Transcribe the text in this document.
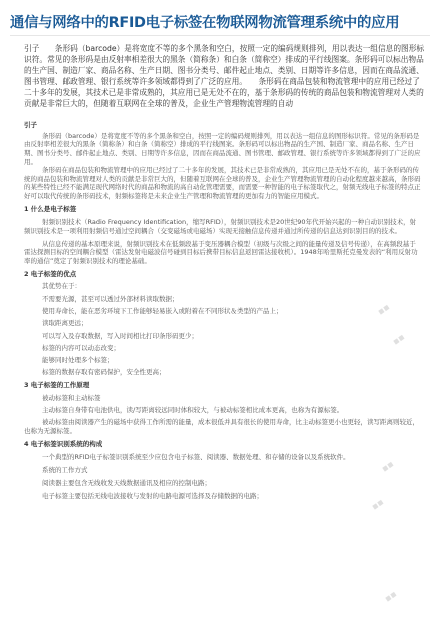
通信与网络中的RFID电子标签在物联网物流管理系统中的应用
引子　　条形码（barcode）是将宽度不等的多个黑条和空白，按照一定的编码规则排列，用以表达一组信息的图形标识符。常见的条形码是由反射率相差很大的黑条（简称条）和白条（简称空）排成的平行线图案。条形码可以标出物品的生产国、制造厂家、商品名称、生产日期、图书分类号、邮件起止地点、类别、日期等许多信息，因而在商品流通、图书管理、邮政管理、银行系统等许多领域都得到了广泛的应用。　　条形码在商品包装和物流管理中的应用已经过了二十多年的发展，其技术已是非常成熟的，其应用已是无处不在的，基于条形码的传统的商品包装和物流管理对人类的贡献是非常巨大的，但随着互联网在全球的普及，企业生产管理物流管理的自动

引子

条形码（barcode）是将宽度不等的多个黑条和空白，按照一定的编码规则排列，用以表达一组信息的图形标识符。常见的条形码是由反射率相差很大的黑条（简称条）和白条（简称空）排成的平行线图案。条形码可以标出物品的生产国、制造厂家、商品名称、生产日期、图书分类号、邮件起止地点、类别、日期等许多信息，因而在商品流通、图书管理、邮政管理、银行系统等许多领域都得到了广泛的应用。

条形码在商品包装和物流管理中的应用已经过了二十多年的发展，其技术已是非常成熟的，其应用已是无处不在的，基于条形码的传统的商品包装和物流管理对人类的贡献是非常巨大的，但随着互联网在全球的普及，企业生产管理物流管理的自动化程度越来越高，条形码的某些特性已经不能满足现代网络时代的商品和物流的高自动化管理需要，而需要一种智能的电子标签取代之，射频无线电子标签的特点正好可以取代传统的条形码技术，射频标签将是未来企业生产管理和物流管理的更加有力的智能应用模式。

1 什么是电子标签

射频识别技术（Radio Frequency Identification，缩写RFID），射频识别技术是20世纪90年代开始兴起的一种自动识别技术，射频识别技术是一项利用射频信号通过空间耦合（交变磁场或电磁场）实现无接触信息传递并通过所传递的信息达到识别目的的技术。

从信息传递的基本原理来说，射频识别技术在低频段基于变压器耦合模型（初级与次级之间的能量传递及信号传递），在高频段基于雷达探测目标的空间耦合模型（雷达发射电磁波信号碰到目标后携带目标信息返回雷达接收机）。1948年哈里斯托克曼发表的“利用反射功率的通信”奠定了射频识别技术的理论基础。

2 电子标签的优点

其优势在于：

不需要光源，甚至可以透过外部材料读取数据；

使用寿命长，能在恶劣环境下工作能够轻易嵌入或附着在不同形状＆类型的产品上；

读取距离更远；

可以写入及存取数据，写入时间相比打印条形码更少；

标签的内容可以动态改变；

能够同时处理多个标签；

标签的数据存取有密码保护，安全性更高；

3 电子标签的工作原理

被动标签和主动标签

主动标签自身带有电池供电，读/写距离较远同时体积较大，与被动标签相比成本更高，也称为有源标签。

被动标签由阅读器产生的磁场中获得工作所需的能量，成本很低并具有很长的使用寿命，比主动标签更小也更轻，读写距离则较近，也称为无源标签。

4 电子标签识别系统的构成

一个典型的RFID电子标签识别系统至少应包含电子标签、阅读器、数据处理、和存储的设备以及系统软件。

系统的工作方式

阅读器主要包含无线收发天线数据通讯及相应的控制电路；

电子标签主要包括无线电波接收与发射的电路电源可选择及存储数据的电路；

▪▪
▪▪
▪▪
▪▪
▪▪
